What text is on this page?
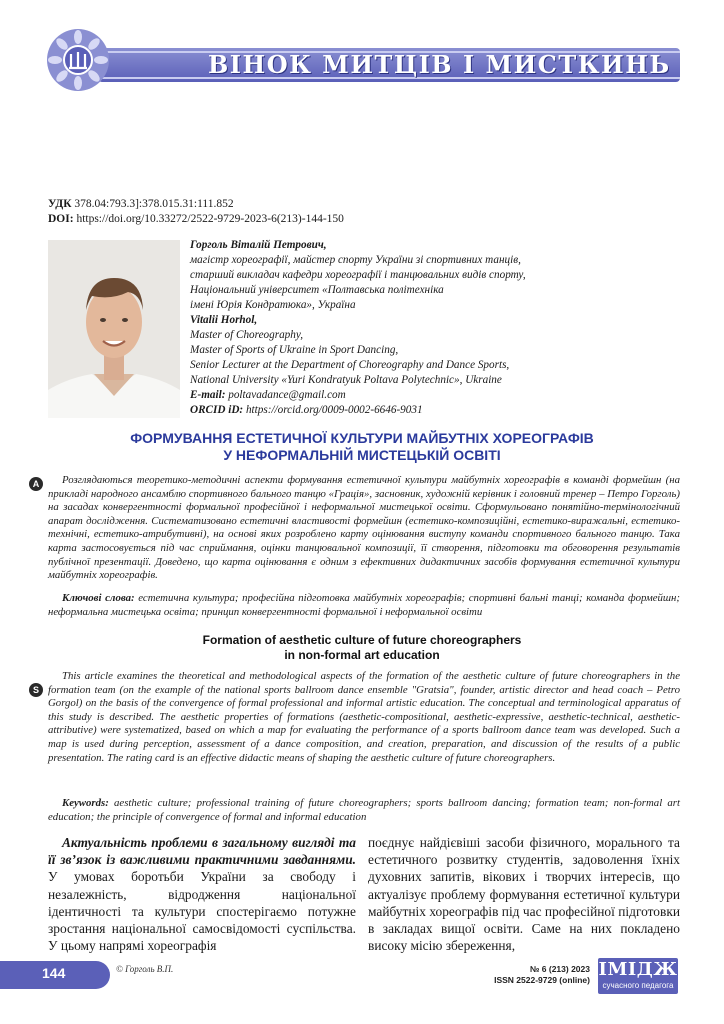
ВІНОК МИТЦІВ І МИСТКИНЬ
УДК 378.04:793.3]:378.015.31:111.852
DOI: https://doi.org/10.33272/2522-9729-2023-6(213)-144-150
Горголь Віталій Петрович,
магістр хореографії, майстер спорту України зі спортивних танців,
старший викладач кафедри хореографії і танцювальних видів спорту,
Національний університет «Полтавська політехніка
імені Юрія Кондратюка», Україна
Vitalii Horhol,
Master of Choreography,
Master of Sports of Ukraine in Sport Dancing,
Senior Lecturer at the Department of Choreography and Dance Sports,
National University «Yuri Kondratyuk Poltava Polytechnic», Ukraine
E-mail: poltavadance@gmail.com
ORCID iD: https://orcid.org/0009-0002-6646-9031
ФОРМУВАННЯ ЕСТЕТИЧНОЇ КУЛЬТУРИ МАЙБУТНІХ ХОРЕОГРАФІВ
У НЕФОРМАЛЬНІЙ МИСТЕЦЬКІЙ ОСВІТІ
A	Розглядаються теоретико-методичні аспекти формування естетичної культури майбутніх хореографів в команді формейшн (на прикладі народного ансамблю спортивного бального танцю «Грація», засновник, художній керівник і головний тренер – Петро Горголь) на засадах конвергентності формальної професійної і неформальної мистецької освіти. Сформульовано понятійно-термінологічний апарат дослідження. Систематизовано естетичні властивості формейшн (естетико-композиційні, естетико-виражальні, естетико-технічні, естетико-атрибутивні), на основі яких розроблено карту оцінювання виступу команди спортивного бального танцю. Така карта застосовується під час сприймання, оцінки танцювальної композиції, її створення, підготовки та обговорення результатів публічної презентації. Доведено, що карта оцінювання є одним з ефективних дидактичних засобів формування естетичної культури майбутніх хореографів.
Ключові слова: естетична культура; професійна підготовка майбутніх хореографів; спортивні бальні танці; команда формейшн; неформальна мистецька освіта; принцип конвергентності формальної і неформальної освіти
Formation of aesthetic culture of future choreographers
in non-formal art education
S
This article examines the theoretical and methodological aspects of the formation of the aesthetic culture of future choreographers in the formation team (on the example of the national sports ballroom dance ensemble "Gratsia", founder, artistic director and head coach – Petro Gorgol) on the basis of the convergence of formal professional and informal artistic education. The conceptual and terminological apparatus of this study is described. The aesthetic properties of formations (aesthetic-compositional, aesthetic-expressive, aesthetic-technical, aesthetic-attributive) were systematized, based on which a map for evaluating the performance of a sports ballroom dance team was developed. Such a map is used during perception, assessment of a dance composition, and creation, preparation, and discussion of the results of a public presentation. The rating card is an effective didactic means of shaping the aesthetic culture of future choreographers.
Keywords: aesthetic culture; professional training of future choreographers; sports ballroom dancing; formation team; non-formal art education; the principle of convergence of formal and informal education
Актуальність проблеми в загальному вигляді та її зв’язок із важливими практичними завданнями. У умовах боротьби України за свободу і незалежність, відродження національної ідентичності та культури спостерігаємо потужне зростання національної самосвідомості суспільства. У цьому напрямі хореографія
поєднує найдієвіші засоби фізичного, морального та естетичного розвитку студентів, задоволення їхніх духовних запитів, вікових і творчих інтересів, що актуалізує проблему формування естетичної культури майбутніх хореографів під час професійної підготовки в закладах вищої освіти. Саме на них покладено високу місію збереження,
144	© Горголь В.П.	№ 6 (213) 2023
ISSN 2522-9729 (online) ІМІДЖ
сучасного педагога
